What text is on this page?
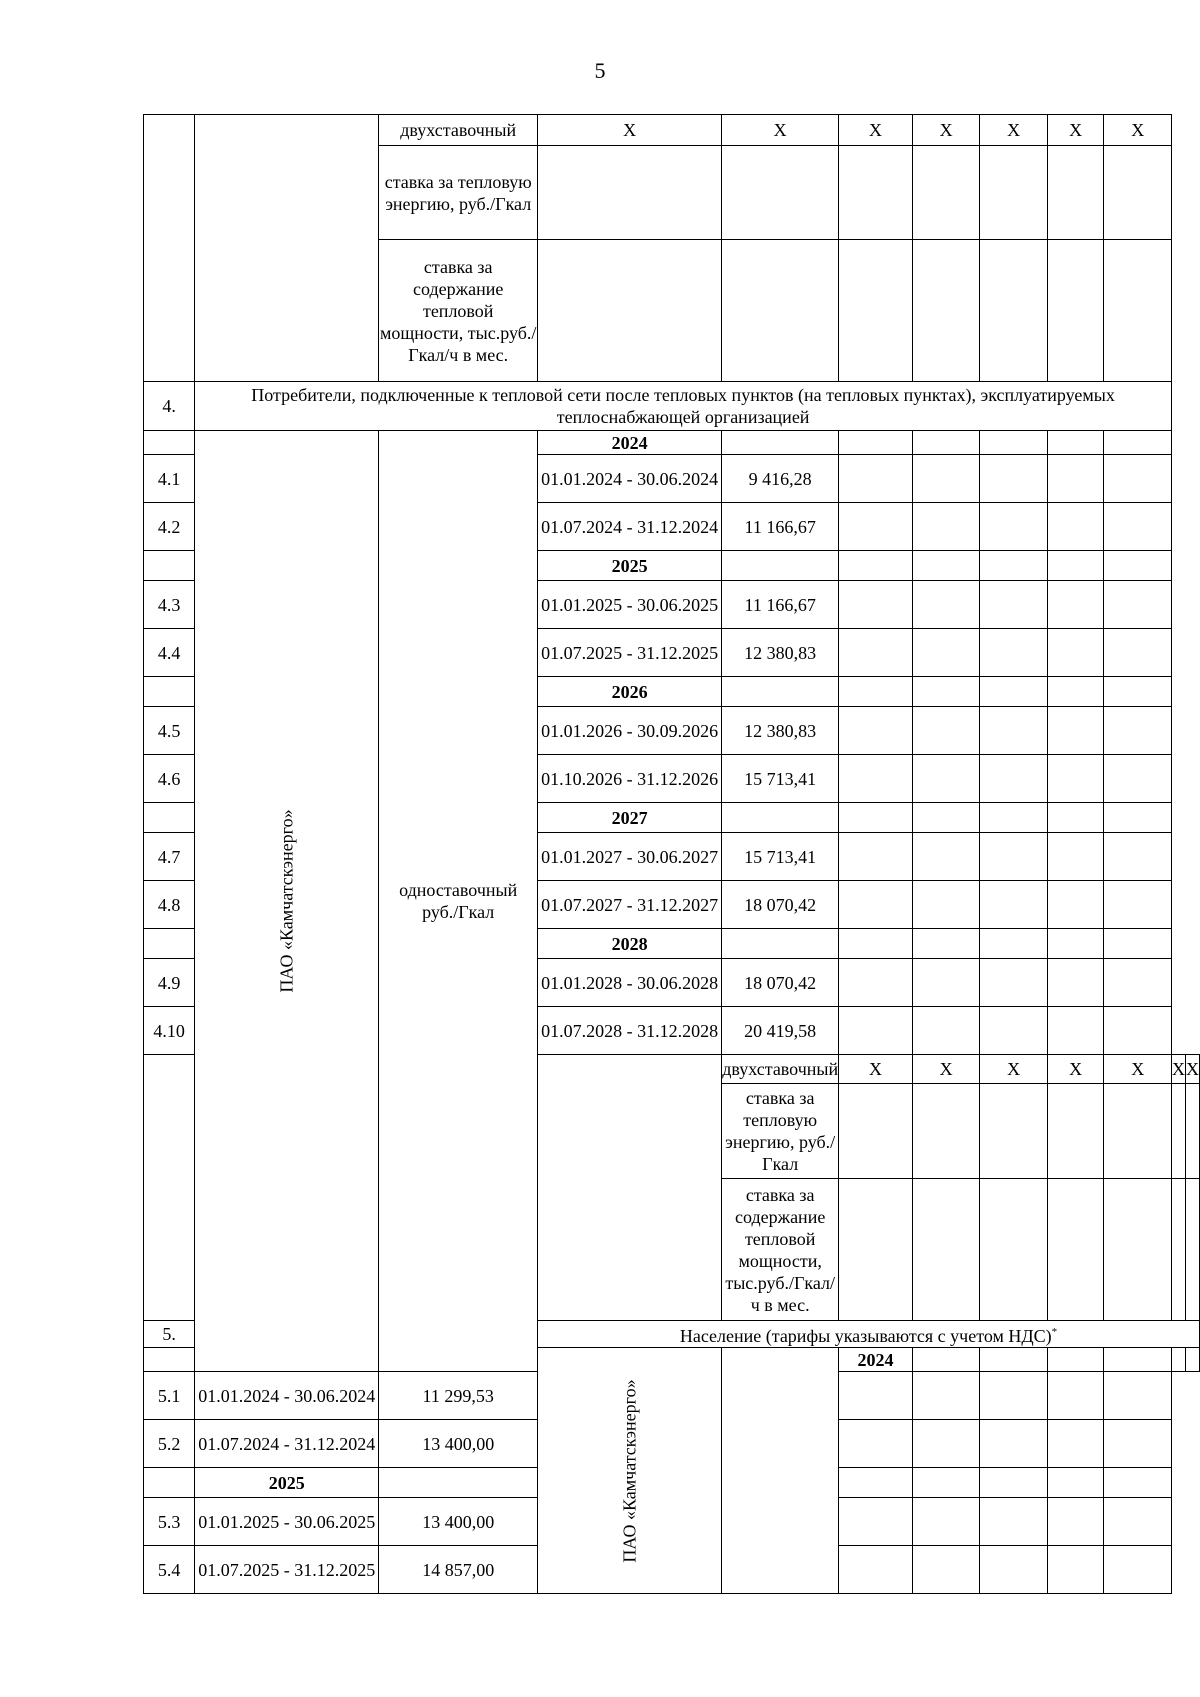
5
		двухставочный	X	X	X	X	X	X	X		
		ставка за тепловую энергию, руб./Гкал									
		ставка за содержание тепловой мощности, тыс.руб./Гкал/ч в мес.									
4.	Потребители, подключенные к тепловой сети после тепловых пунктов (на тепловых пунктах), эксплуатируемых теплоснабжающей организацией										
	ПАО «Камчатскэнерго»	одноставочный руб./Гкал	2024								
4.1			01.01.2024 - 30.06.2024	9 416,28							
4.2			01.07.2024 - 31.12.2024	11 166,67							
			2025								
4.3			01.01.2025 - 30.06.2025	11 166,67							
4.4			01.07.2025 - 31.12.2025	12 380,83							
			2026								
4.5			01.01.2026 - 30.09.2026	12 380,83							
4.6			01.10.2026 - 31.12.2026	15 713,41							
			2027								
4.7			01.01.2027 - 30.06.2027	15 713,41							
4.8			01.07.2027 - 31.12.2027	18 070,42							
			2028								
4.9			01.01.2028 - 30.06.2028	18 070,42							
4.10			01.07.2028 - 31.12.2028	20 419,58							
				двухставочный	X	X	X	X	X	X	X
				ставка за тепловую энергию, руб./Гкал							
				ставка за содержание тепловой мощности, тыс.руб./Гкал/ч в мес.							
5.			Население (тарифы указываются с учетом НДС)*
			ПАО «Камчатскэнерго»		2024						
5.1	01.01.2024 - 30.06.2024	11 299,53									
5.2	01.07.2024 - 31.12.2024	13 400,00									
	2025										
5.3	01.01.2025 - 30.06.2025	13 400,00									
5.4	01.07.2025 - 31.12.2025	14 857,00									
